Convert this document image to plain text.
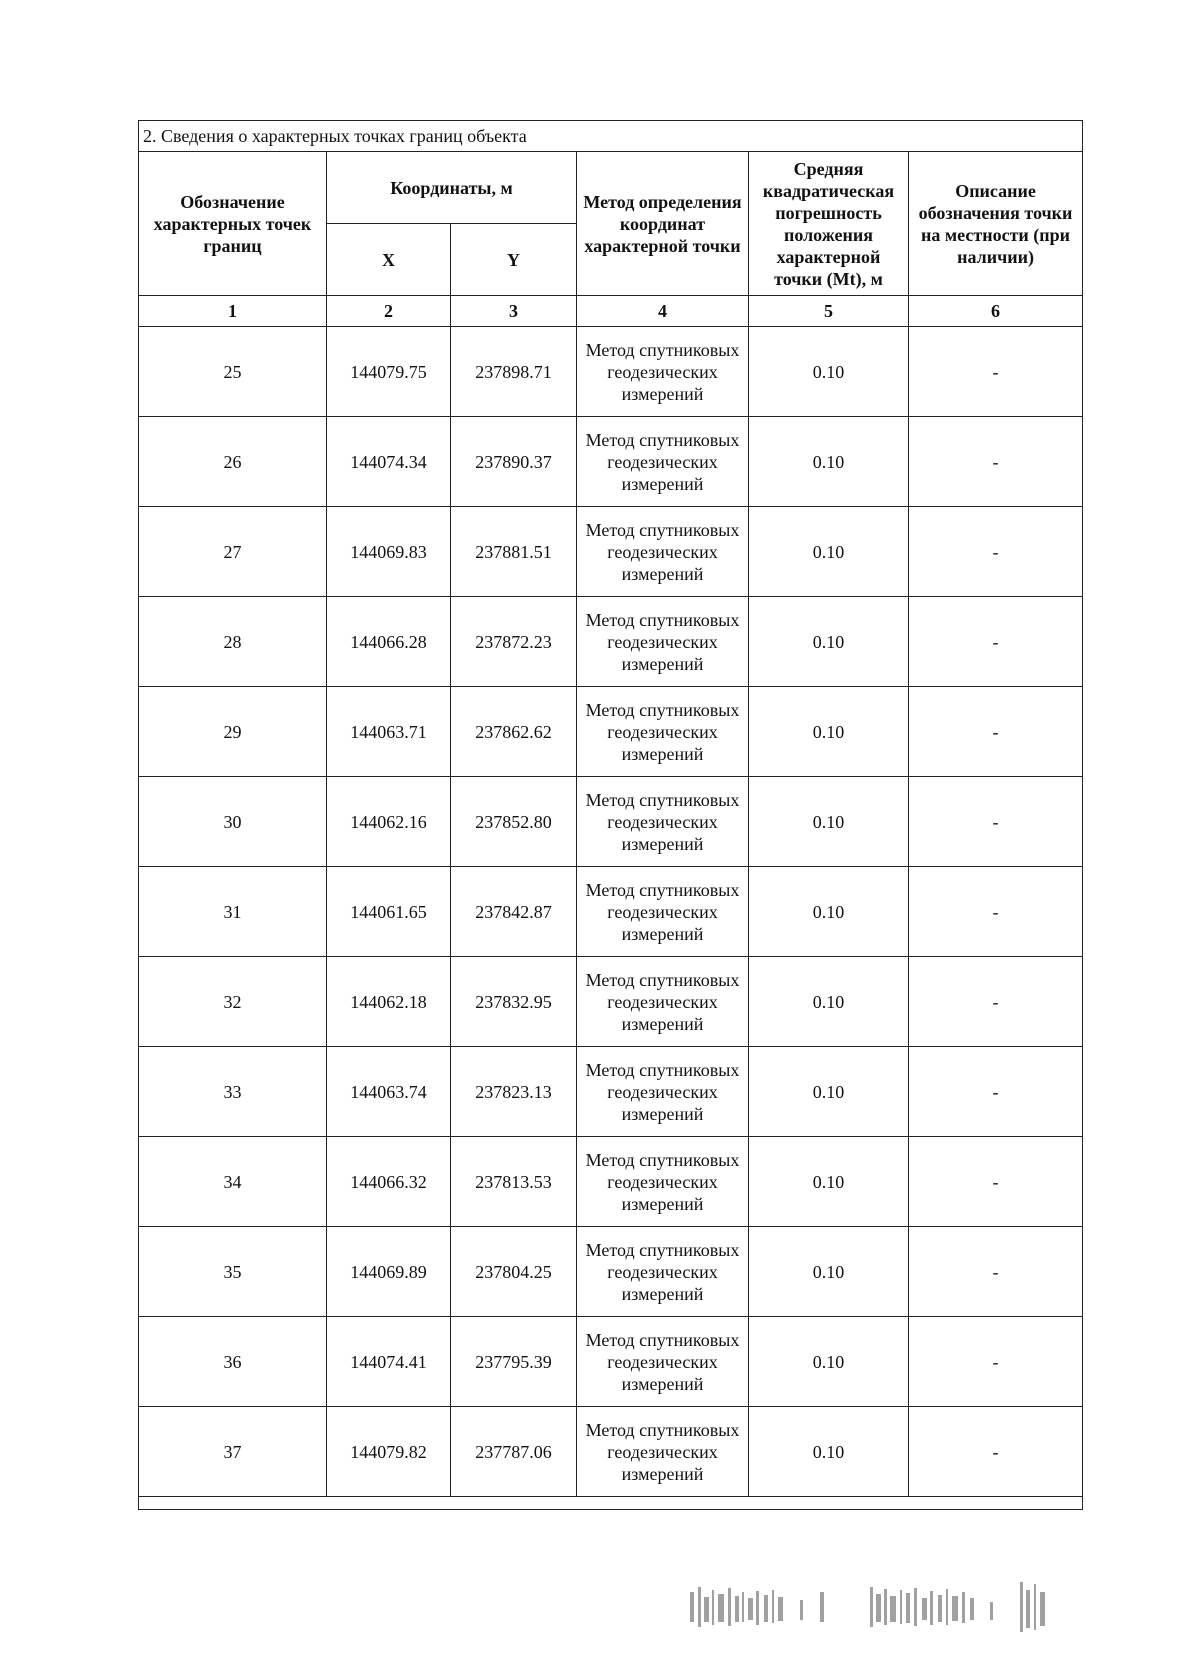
2. Сведения о характерных точках границ объекта					
Обозначение характерных точек границ	Координаты, м		Метод определения координат характерной точки	Средняя квадратическая погрешность положения характерной точки (Mt), м	Описание обозначения точки на местности (при наличии)
	X	Y			
1	2	3	4	5	6
25	144079.75	237898.71	Метод спутниковых геодезических измерений	0.10	-
26	144074.34	237890.37	Метод спутниковых геодезических измерений	0.10	-
27	144069.83	237881.51	Метод спутниковых геодезических измерений	0.10	-
28	144066.28	237872.23	Метод спутниковых геодезических измерений	0.10	-
29	144063.71	237862.62	Метод спутниковых геодезических измерений	0.10	-
30	144062.16	237852.80	Метод спутниковых геодезических измерений	0.10	-
31	144061.65	237842.87	Метод спутниковых геодезических измерений	0.10	-
32	144062.18	237832.95	Метод спутниковых геодезических измерений	0.10	-
33	144063.74	237823.13	Метод спутниковых геодезических измерений	0.10	-
34	144066.32	237813.53	Метод спутниковых геодезических измерений	0.10	-
35	144069.89	237804.25	Метод спутниковых геодезических измерений	0.10	-
36	144074.41	237795.39	Метод спутниковых геодезических измерений	0.10	-
37	144079.82	237787.06	Метод спутниковых геодезических измерений	0.10	-
